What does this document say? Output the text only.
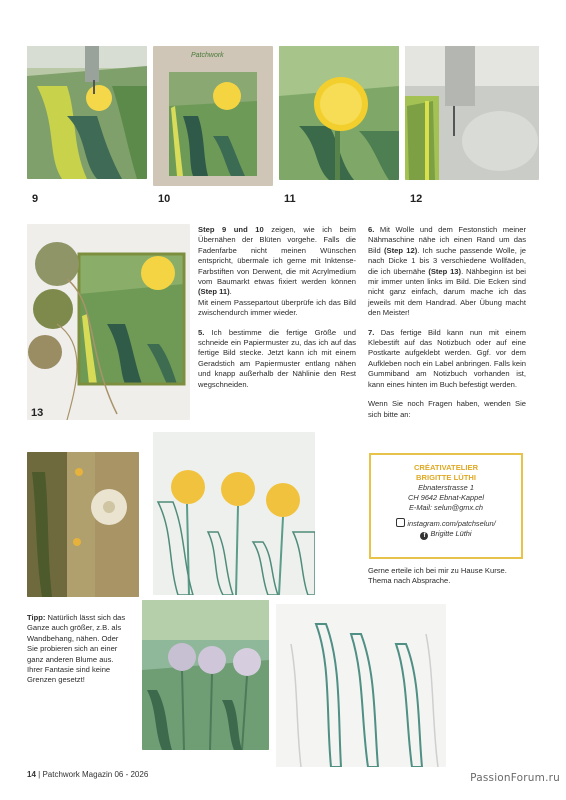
9
Patchwork
10	11	12
13

Step 9 und 10 zeigen, wie ich beim Übernähen der Blüten vorgehe. Falls die Fadenfarbe nicht meinen Wünschen entspricht, übermale ich gerne mit Inktense-Farbstiften von Derwent, die mit Acrylmedium vom Baumarkt etwas fixiert werden können (Step 11).
Mit einem Passepartout überprüfe ich das Bild zwischendurch immer wieder.

5. Ich bestimme die fertige Größe und schneide ein Papiermuster zu, das ich auf das fertige Bild stecke. Jetzt kann ich mit einem Geradstich am Papiermuster entlang nähen und knapp außerhalb der Nählinie den Rest wegschneiden.

6. Mit Wolle und dem Festonstich meiner Nähmaschine nähe ich einen Rand um das Bild (Step 12). Ich suche passende Wolle, je nach Dicke 1 bis 3 verschiedene Wollfäden, die ich übernähe (Step 13). Nähbeginn ist bei mir immer unten links im Bild. Die Ecken sind nicht ganz einfach, darum mache ich das jeweils mit dem Handrad. Aber Übung macht den Meister!

7. Das fertige Bild kann nun mit einem Klebestift auf das Notizbuch oder auf eine Postkarte aufgeklebt werden. Ggf. vor dem Aufkleben noch ein Label anbringen. Falls kein Gummiband am Notizbuch vorhanden ist, kann eines hinten im Buch befestigt werden.

Wenn Sie noch Fragen haben, wenden Sie sich bitte an:

CRÉATIVATELIER
BRIGITTE LÜTHI
Ebnaterstrasse 1
CH 9642 Ebnat-Kappel
E-Mail: selun@gmx.ch
instagram.com/patchselun/
f Brigitte Lüthi
Gerne erteile ich bei mir zu Hause Kurse. Thema nach Absprache.
Tipp: Natürlich lässt sich das Ganze auch größer, z.B. als Wandbehang, nähen. Oder Sie probieren sich an einer ganz anderen Blume aus. Ihrer Fantasie sind keine Grenzen gesetzt!
14 | Patchwork Magazin 06 - 2026	PassionForum.ru
